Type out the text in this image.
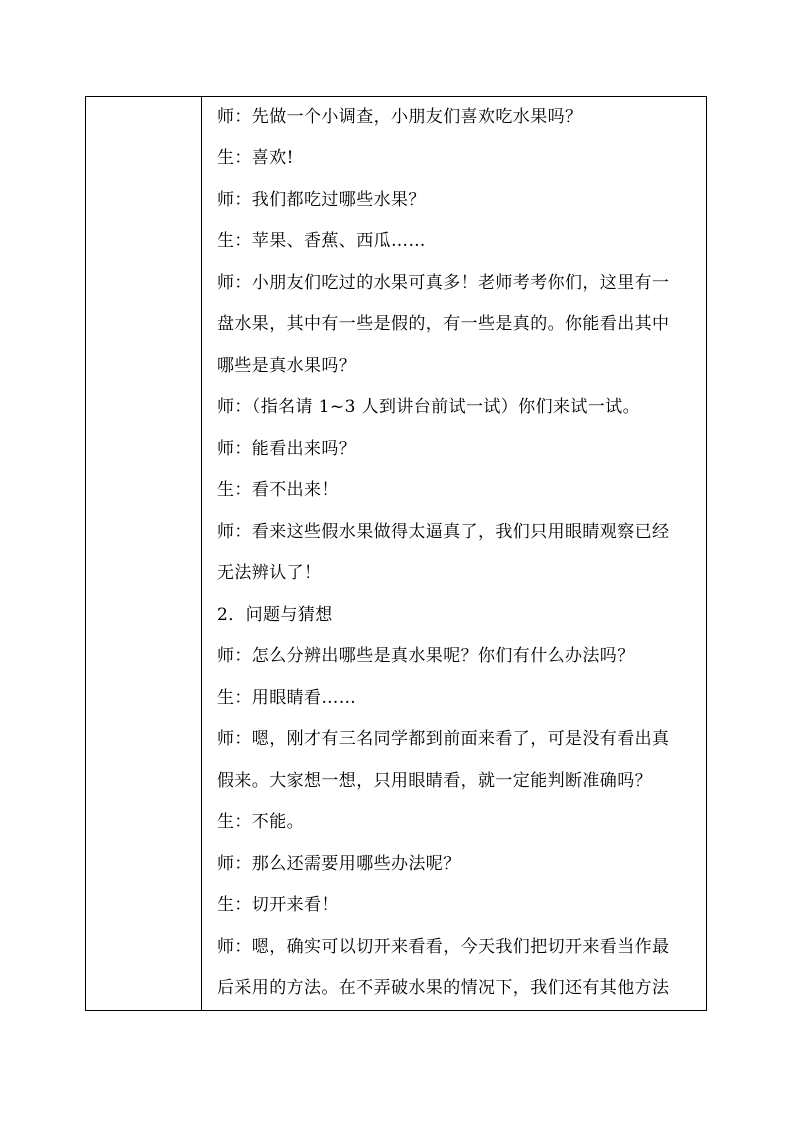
师：先做一个小调查，小朋友们喜欢吃水果吗？
生：喜欢!
师：我们都吃过哪些水果？
生：苹果、香蕉、西瓜……
师：小朋友们吃过的水果可真多！老师考考你们，这里有一
盘水果，其中有一些是假的，有一些是真的。你能看出其中
哪些是真水果吗？
师：（指名请 1~3 人到讲台前试一试）你们来试一试。
师：能看出来吗？
生：看不出来！
师：看来这些假水果做得太逼真了，我们只用眼睛观察已经
无法辨认了！
2．问题与猜想
师：怎么分辨出哪些是真水果呢？你们有什么办法吗？
生：用眼睛看……
师：嗯，刚才有三名同学都到前面来看了，可是没有看出真
假来。大家想一想，只用眼睛看，就一定能判断准确吗？
生：不能。
师：那么还需要用哪些办法呢？
生：切开来看！
师：嗯，确实可以切开来看看，今天我们把切开来看当作最
后采用的方法。在不弄破水果的情况下，我们还有其他方法
